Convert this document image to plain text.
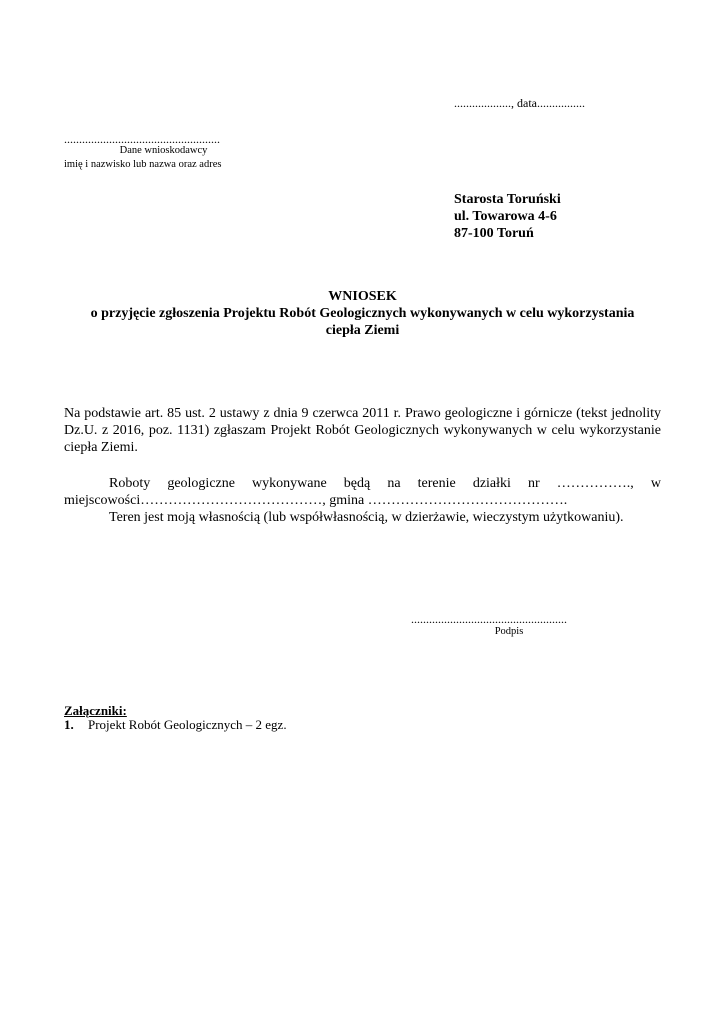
..................., data................
....................................................
Dane wnioskodawcy
imię i nazwisko lub nazwa oraz adres
Starosta Toruński
ul. Towarowa 4-6
87-100 Toruń
WNIOSEK
o przyjęcie zgłoszenia Projektu Robót Geologicznych wykonywanych w celu wykorzystania
ciepła Ziemi
Na podstawie art. 85 ust. 2 ustawy z dnia 9 czerwca 2011 r. Prawo geologiczne i górnicze (tekst jednolity Dz.U. z 2016, poz. 1131) zgłaszam Projekt Robót Geologicznych wykonywanych w celu wykorzystanie ciepła Ziemi.
Roboty geologiczne wykonywane będą na terenie działki nr ……………., w
miejscowości…………………………………, gmina …………………………………….
Teren jest moją własnością (lub współwłasnością, w dzierżawie, wieczystym użytkowaniu).
....................................................
Podpis
Załączniki:
1. Projekt Robót Geologicznych – 2 egz.
